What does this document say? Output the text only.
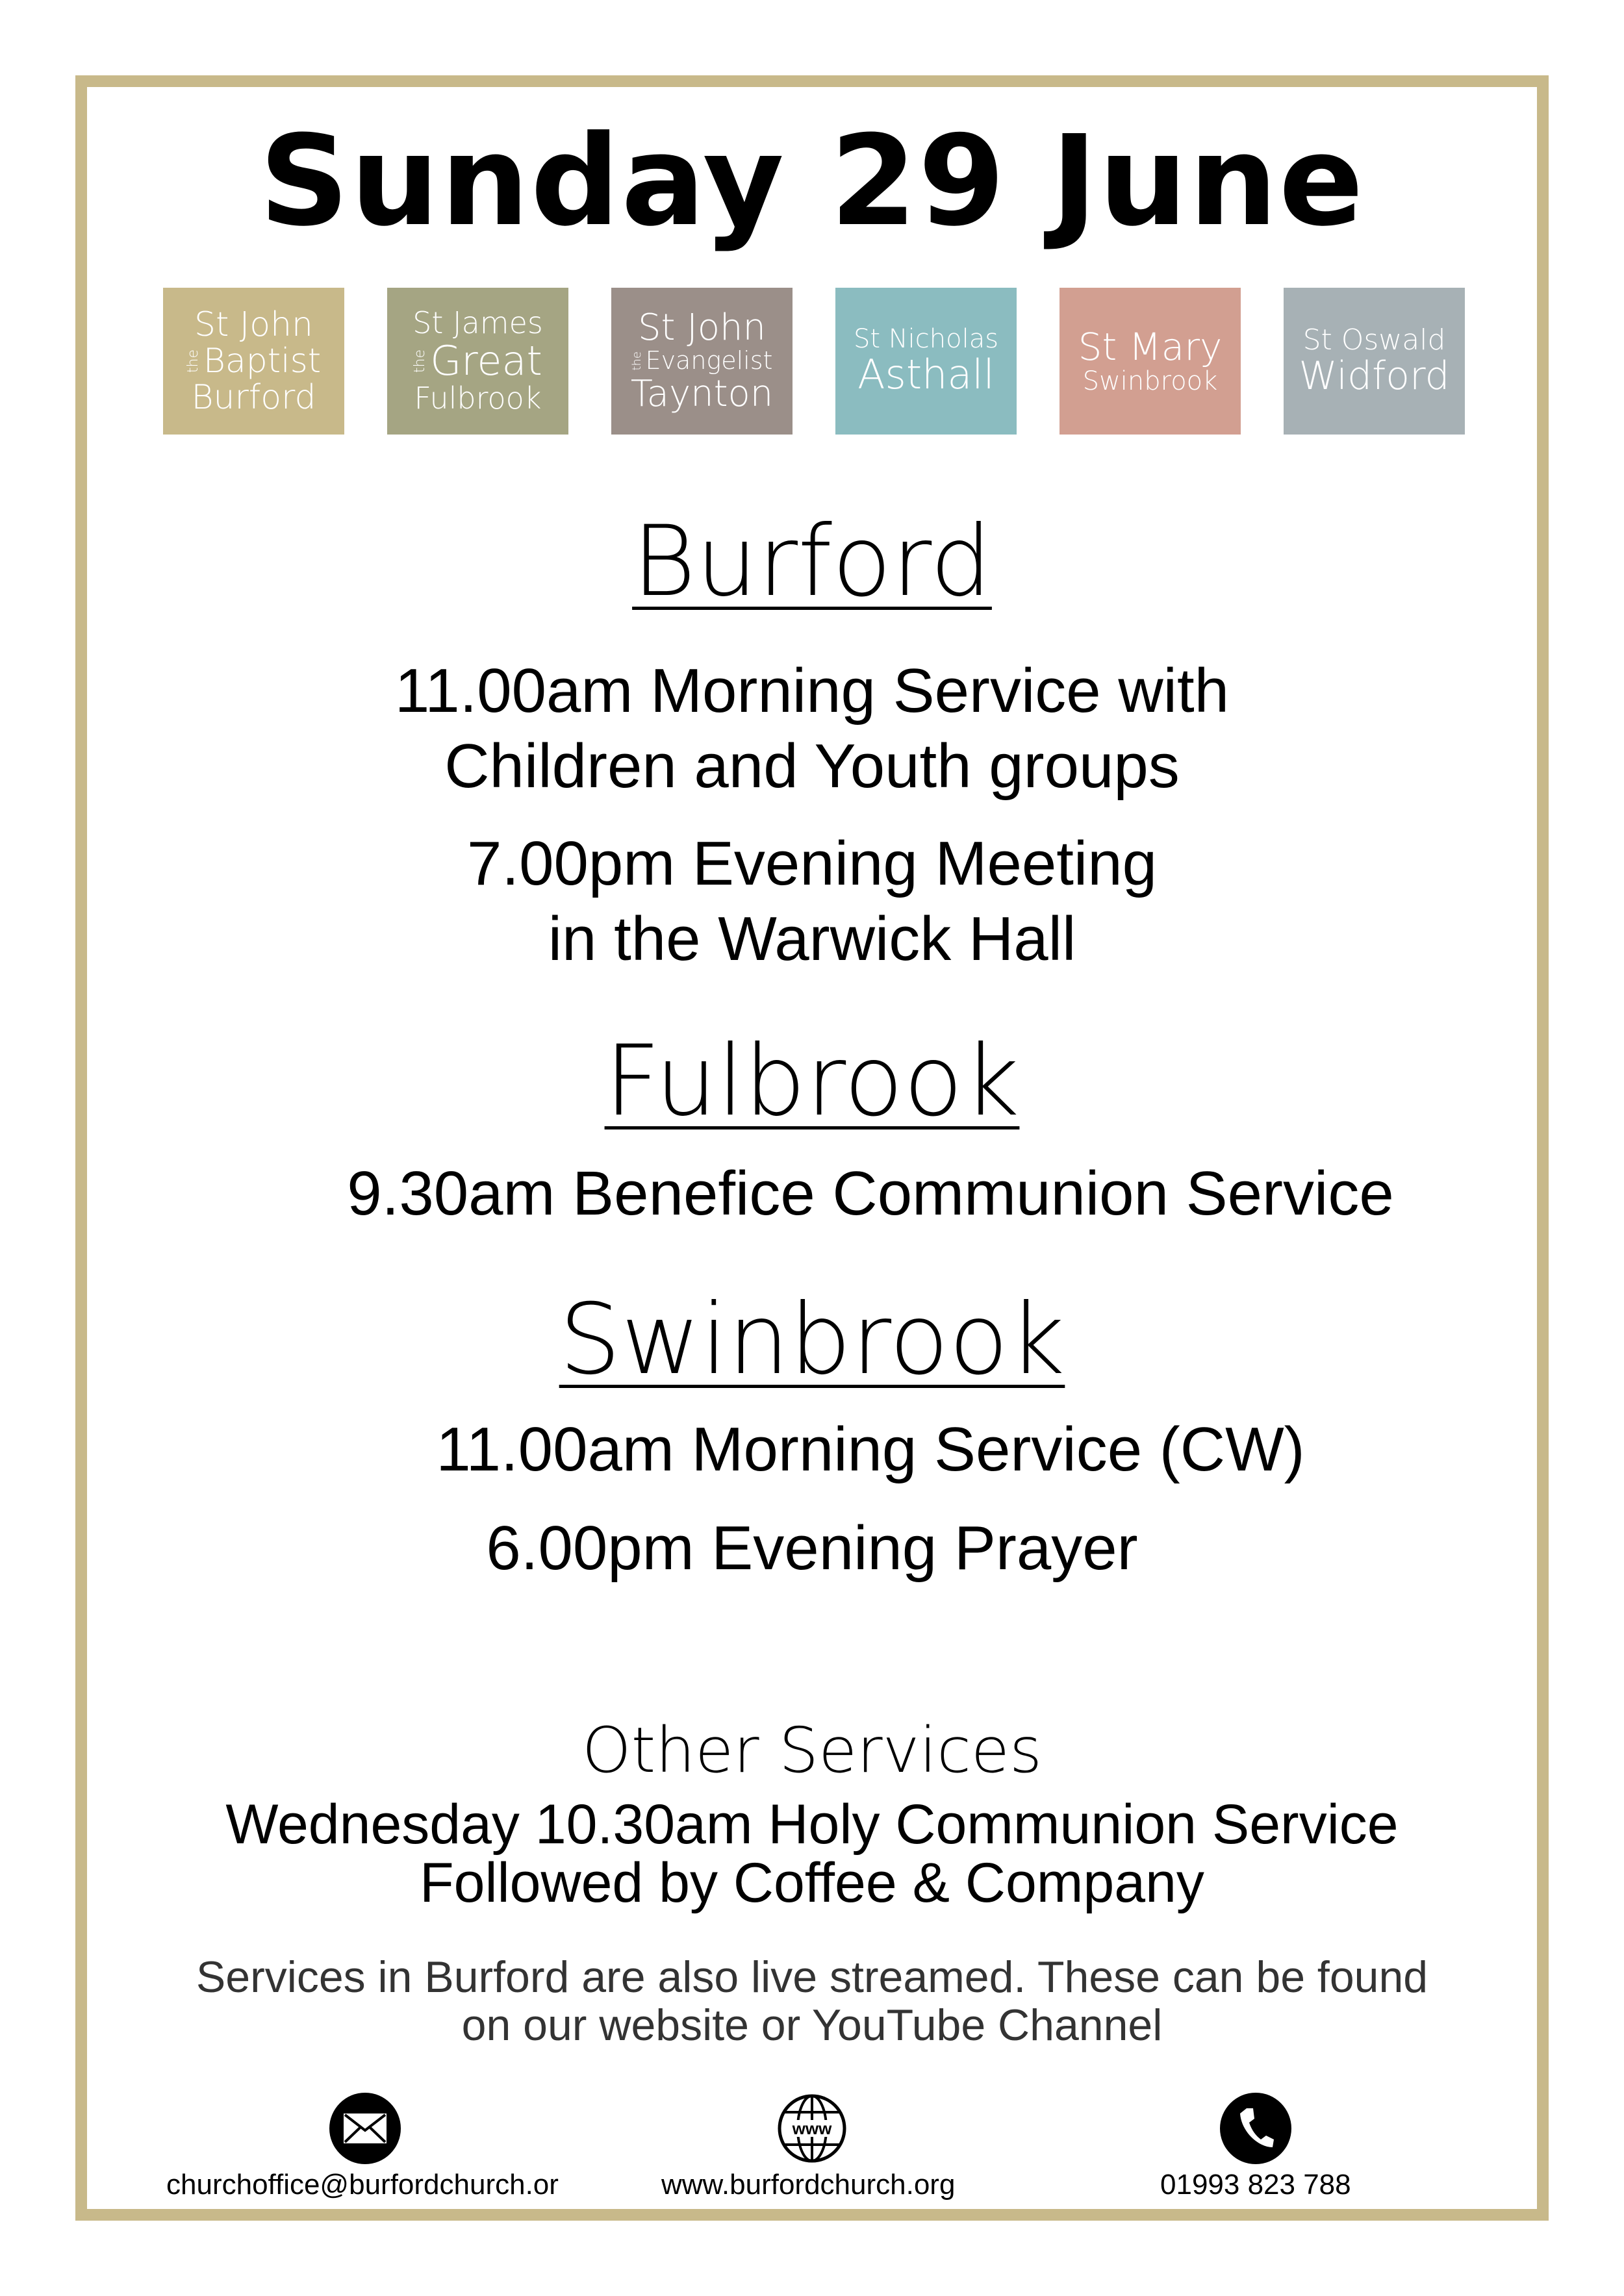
Sunday 29 June
St John
the Baptist
Burford
St James
the Great
Fulbrook
St John
the Evangelist
Taynton
St Nicholas
Asthall
St Mary
Swinbrook
St Oswald
Widford
Burford
11.00am Morning Service with
Children and Youth groups
7.00pm Evening Meeting
in the Warwick Hall
Fulbrook
9.30am Benefice Communion Service
Swinbrook
11.00am Morning Service (CW)
6.00pm Evening Prayer
Other Services
Wednesday 10.30am Holy Communion Service
Followed by Coffee & Company
Services in Burford are also live streamed. These can be found
on our website or YouTube Channel
churchoffice@burfordchurch.or
www
www.burfordchurch.org	01993 823 788
